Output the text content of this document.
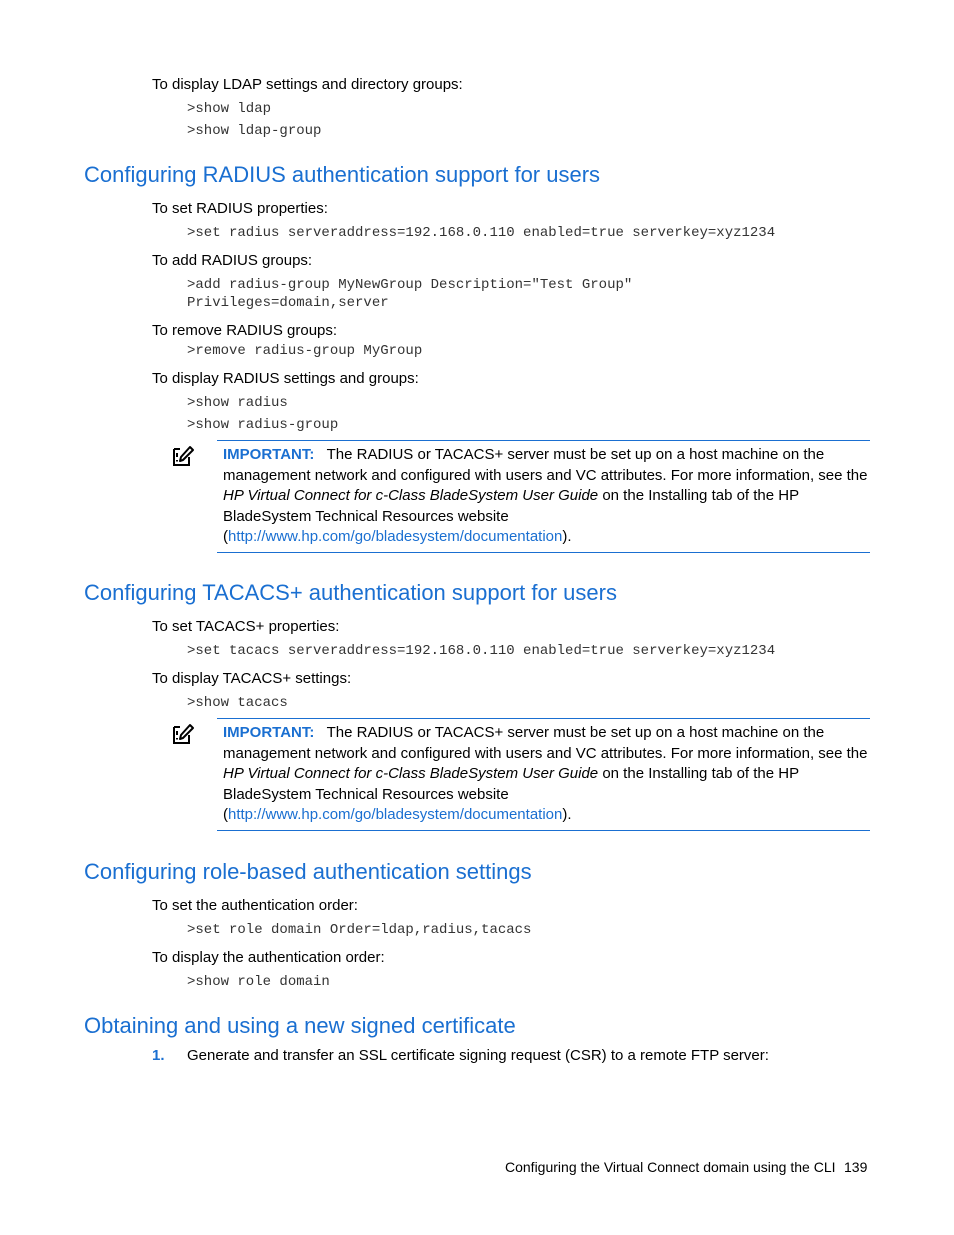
To display LDAP settings and directory groups:
>show ldap
>show ldap-group
Configuring RADIUS authentication support for users
To set RADIUS properties:
>set radius serveraddress=192.168.0.110 enabled=true serverkey=xyz1234
To add RADIUS groups:
>add radius-group MyNewGroup Description="Test Group"
Privileges=domain,server
To remove RADIUS groups:
>remove radius-group MyGroup
To display RADIUS settings and groups:
>show radius
>show radius-group
IMPORTANT: The RADIUS or TACACS+ server must be set up on a host machine on the management network and configured with users and VC attributes. For more information, see the HP Virtual Connect for c-Class BladeSystem User Guide on the Installing tab of the HP BladeSystem Technical Resources website
(http://www.hp.com/go/bladesystem/documentation).
Configuring TACACS+ authentication support for users
To set TACACS+ properties:
>set tacacs serveraddress=192.168.0.110 enabled=true serverkey=xyz1234
To display TACACS+ settings:
>show tacacs
IMPORTANT: The RADIUS or TACACS+ server must be set up on a host machine on the management network and configured with users and VC attributes. For more information, see the HP Virtual Connect for c-Class BladeSystem User Guide on the Installing tab of the HP BladeSystem Technical Resources website
(http://www.hp.com/go/bladesystem/documentation).
Configuring role-based authentication settings
To set the authentication order:
>set role domain Order=ldap,radius,tacacs
To display the authentication order:
>show role domain
Obtaining and using a new signed certificate
1. Generate and transfer an SSL certificate signing request (CSR) to a remote FTP server:
Configuring the Virtual Connect domain using the CLI 139
